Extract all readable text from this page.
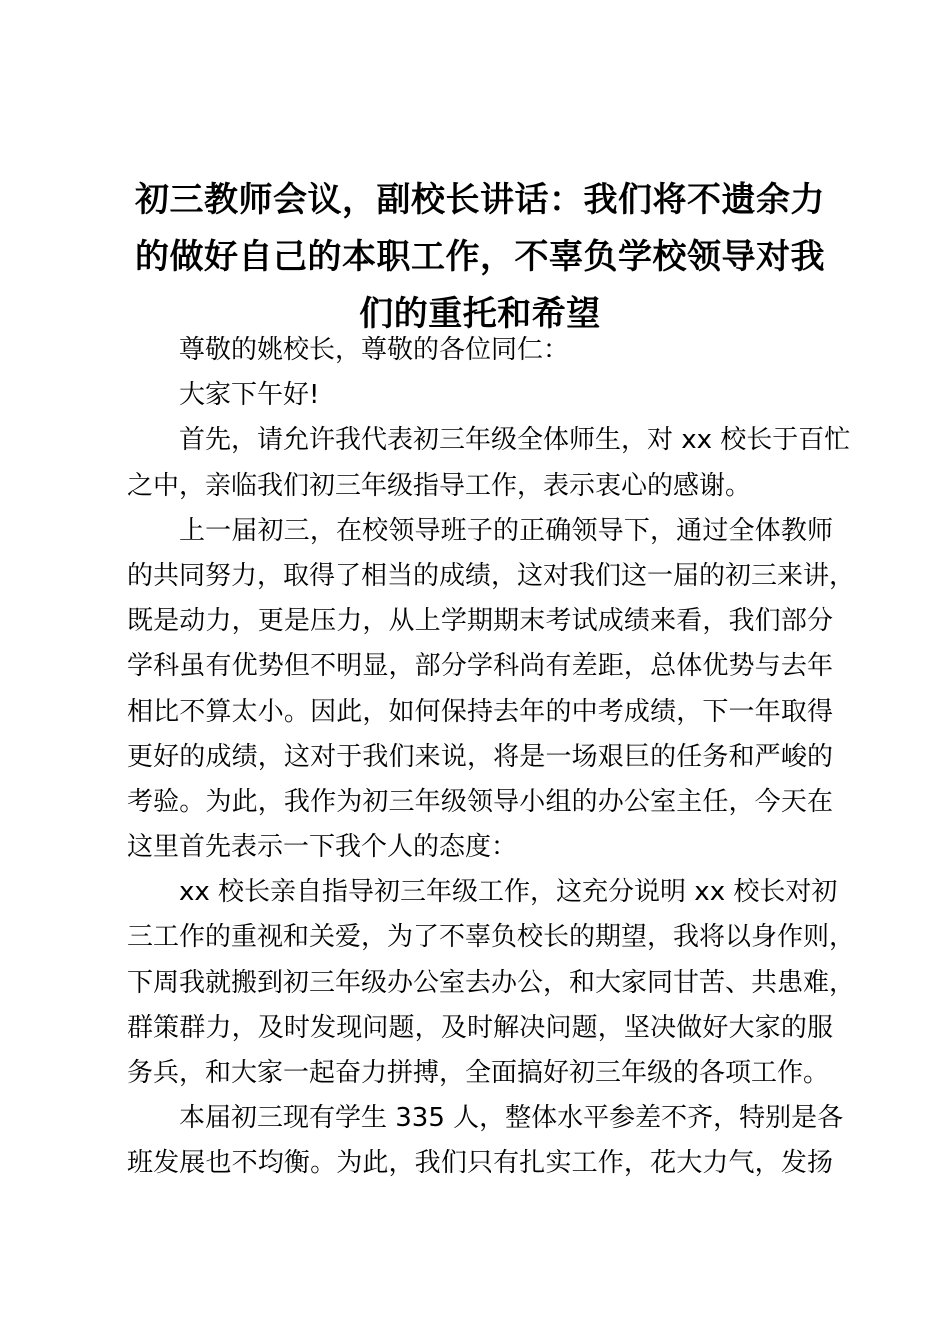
初三教师会议，副校长讲话：我们将不遗余力
的做好自己的本职工作，不辜负学校领导对我
们的重托和希望
尊敬的姚校长，尊敬的各位同仁：
大家下午好!
首先，请允许我代表初三年级全体师生，对 xx 校长于百忙
之中，亲临我们初三年级指导工作，表示衷心的感谢。
上一届初三，在校领导班子的正确领导下，通过全体教师
的共同努力，取得了相当的成绩，这对我们这一届的初三来讲，
既是动力，更是压力，从上学期期末考试成绩来看，我们部分
学科虽有优势但不明显，部分学科尚有差距，总体优势与去年
相比不算太小。因此，如何保持去年的中考成绩，下一年取得
更好的成绩，这对于我们来说，将是一场艰巨的任务和严峻的
考验。为此，我作为初三年级领导小组的办公室主任，今天在
这里首先表示一下我个人的态度：
xx 校长亲自指导初三年级工作，这充分说明 xx 校长对初
三工作的重视和关爱，为了不辜负校长的期望，我将以身作则，
下周我就搬到初三年级办公室去办公，和大家同甘苦、共患难，
群策群力，及时发现问题，及时解决问题，坚决做好大家的服
务兵，和大家一起奋力拼搏，全面搞好初三年级的各项工作。
本届初三现有学生 335 人，整体水平参差不齐，特别是各
班发展也不均衡。为此，我们只有扎实工作，花大力气，发扬
